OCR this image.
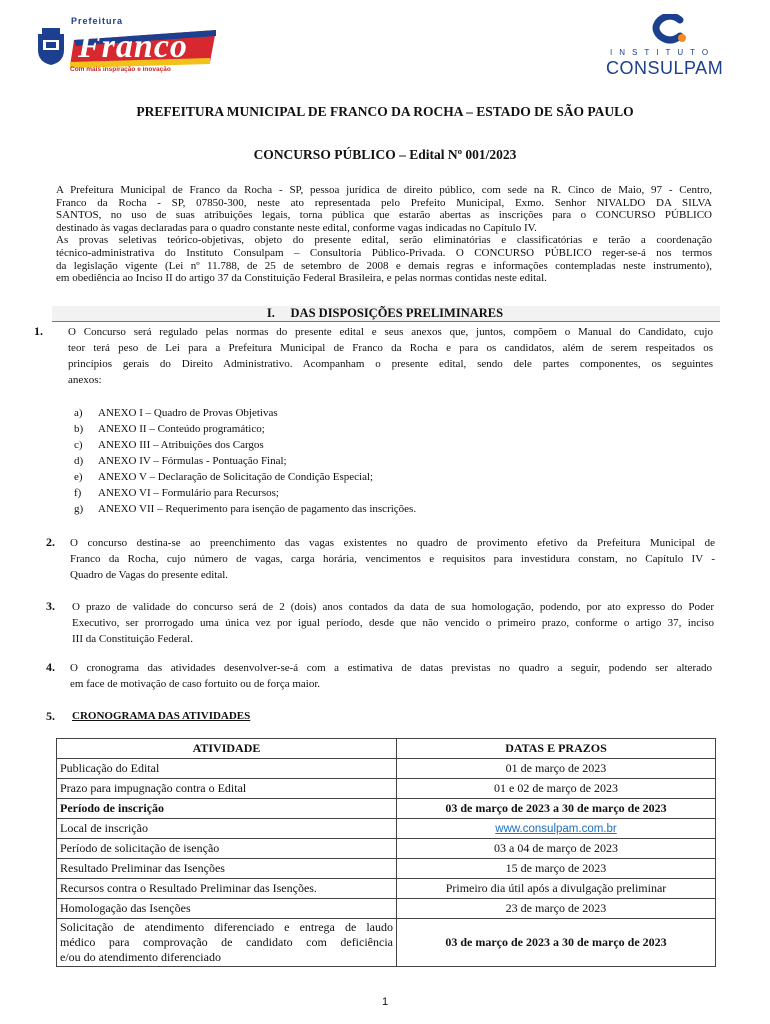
Prefeitura
Franco
Com mais inspiração e inovação
INSTITUTO
CONSULPAM
PREFEITURA MUNICIPAL DE FRANCO DA ROCHA – ESTADO DE SÃO PAULO
CONCURSO PÚBLICO – Edital Nº 001/2023
A Prefeitura Municipal de Franco da Rocha - SP, pessoa jurídica de direito público, com sede na R. Cinco de Maio, 97 - Centro,
Franco da Rocha - SP, 07850-300, neste ato representada pelo Prefeito Municipal, Exmo. Senhor NIVALDO DA SILVA
SANTOS, no uso de suas atribuições legais, torna pública que estarão abertas as inscrições para o CONCURSO PÚBLICO
destinado às vagas declaradas para o quadro constante neste edital, conforme vagas indicadas no Capítulo IV.
As provas seletivas teórico-objetivas, objeto do presente edital, serão eliminatórias e classificatórias e terão a coordenação
técnico-administrativa do Instituto Consulpam – Consultoria Público-Privada. O CONCURSO PÚBLICO reger-se-á nos termos
da legislação vigente (Lei nº 11.788, de 25 de setembro de 2008 e demais regras e informações contempladas neste instrumento),
em obediência ao Inciso II do artigo 37 da Constituição Federal Brasileira, e pelas normas contidas neste edital.
I. DAS DISPOSIÇÕES PRELIMINARES
1. O Concurso será regulado pelas normas do presente edital e seus anexos que, juntos, compõem o Manual do Candidato, cujo
teor terá peso de Lei para a Prefeitura Municipal de Franco da Rocha e para os candidatos, além de serem respeitados os
princípios gerais do Direito Administrativo. Acompanham o presente edital, sendo dele partes componentes, os seguintes
anexos:
a) ANEXO I – Quadro de Provas Objetivas
b) ANEXO II – Conteúdo programático;
c) ANEXO III – Atribuições dos Cargos
d) ANEXO IV – Fórmulas - Pontuação Final;
e) ANEXO V – Declaração de Solicitação de Condição Especial;
f) ANEXO VI – Formulário para Recursos;
g) ANEXO VII – Requerimento para isenção de pagamento das inscrições.
2. O concurso destina-se ao preenchimento das vagas existentes no quadro de provimento efetivo da Prefeitura Municipal de
Franco da Rocha, cujo número de vagas, carga horária, vencimentos e requisitos para investidura constam, no Capítulo IV -
Quadro de Vagas do presente edital.
3. O prazo de validade do concurso será de 2 (dois) anos contados da data de sua homologação, podendo, por ato expresso do Poder
Executivo, ser prorrogado uma única vez por igual período, desde que não vencido o primeiro prazo, conforme o artigo 37, inciso
III da Constituição Federal.
4. O cronograma das atividades desenvolver-se-á com a estimativa de datas previstas no quadro a seguir, podendo ser alterado
em face de motivação de caso fortuito ou de força maior.
5. CRONOGRAMA DAS ATIVIDADES
ATIVIDADE	DATAS E PRAZOS
Publicação do Edital	01 de março de 2023
Prazo para impugnação contra o Edital	01 e 02 de março de 2023
Período de inscrição	03 de março de 2023 a 30 de março de 2023
Local de inscrição	www.consulpam.com.br
Período de solicitação de isenção	03 a 04 de março de 2023
Resultado Preliminar das Isenções	15 de março de 2023
Recursos contra o Resultado Preliminar das Isenções.	Primeiro dia útil após a divulgação preliminar
Homologação das Isenções	23 de março de 2023

Solicitação de atendimento diferenciado e entrega de laudo
médico para comprovação de candidato com deficiência
e/ou do atendimento diferenciado	03 de março de 2023 a 30 de março de 2023
1
